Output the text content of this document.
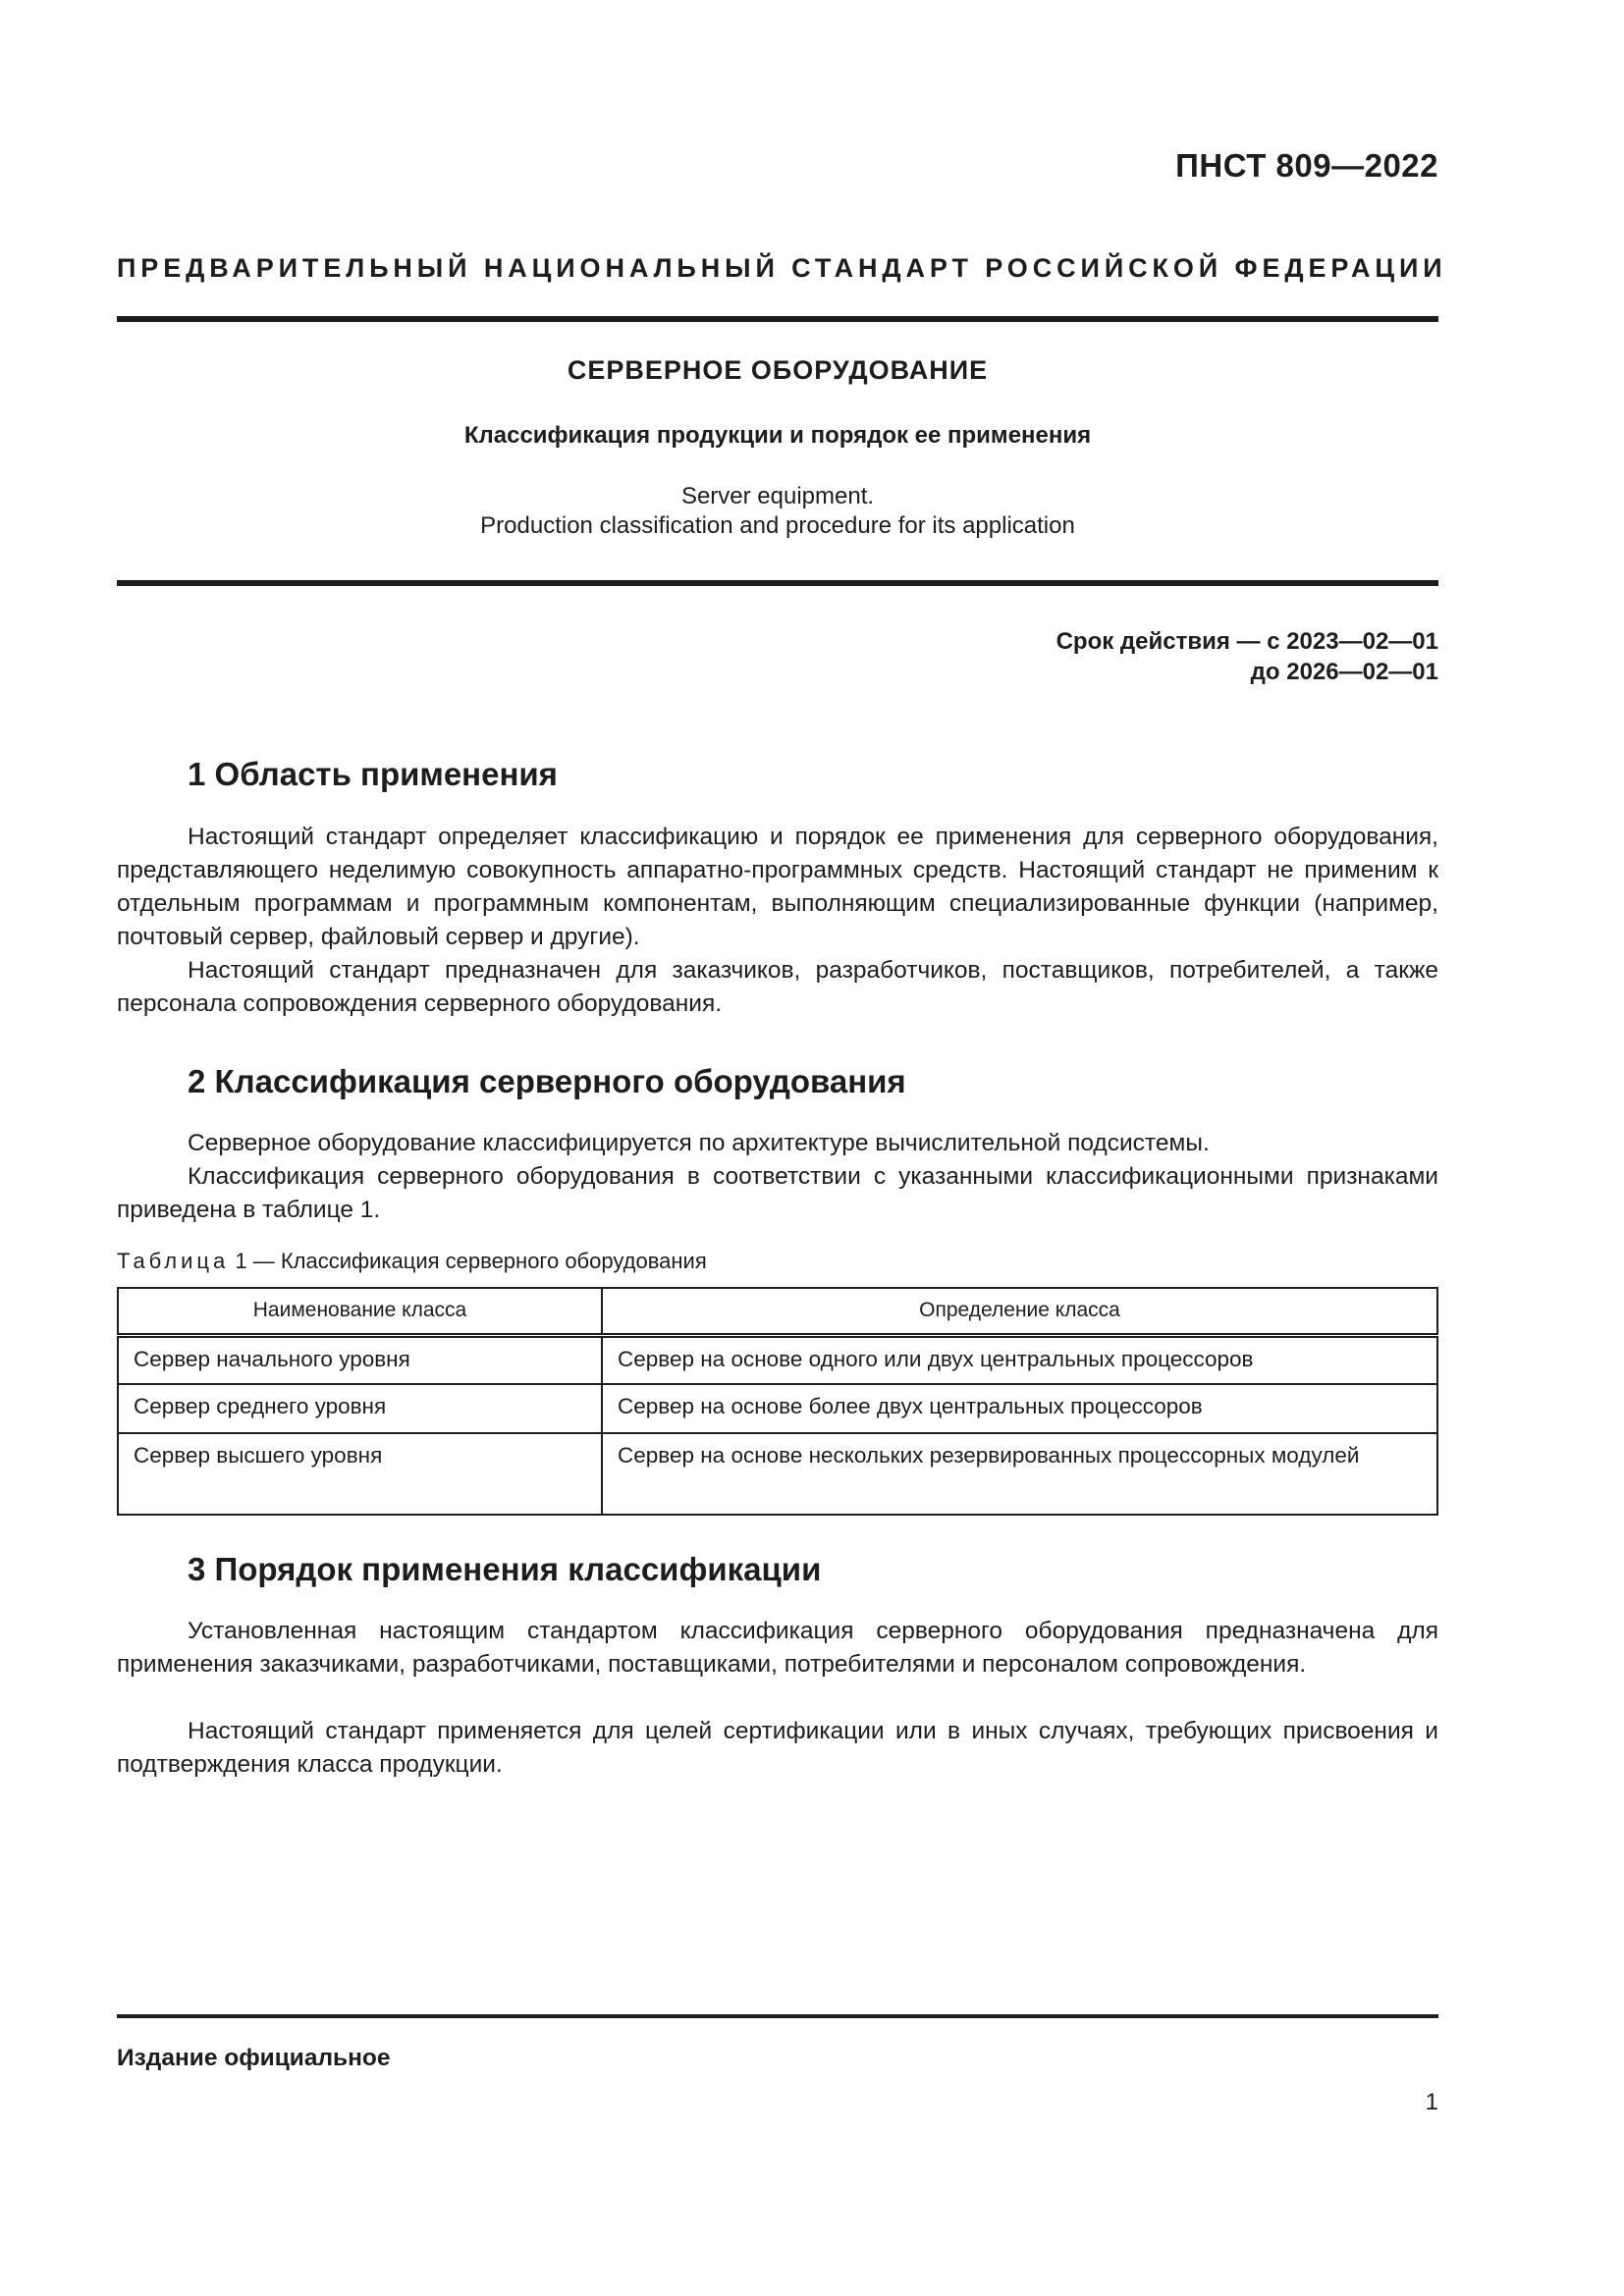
ПНСТ 809—2022
ПРЕДВАРИТЕЛЬНЫЙ НАЦИОНАЛЬНЫЙ СТАНДАРТ РОССИЙСКОЙ ФЕДЕРАЦИИ
СЕРВЕРНОЕ ОБОРУДОВАНИЕ
Классификация продукции и порядок ее применения
Server equipment.
Production classification and procedure for its application
Срок действия — с 2023—02—01
до 2026—02—01
1 Область применения

Настоящий стандарт определяет классификацию и порядок ее применения для серверного оборудования, представляющего неделимую совокупность аппаратно-программных средств. Настоящий стандарт не применим к отдельным программам и программным компонентам, выполняющим специализированные функции (например, почтовый сервер, файловый сервер и другие).

Настоящий стандарт предназначен для заказчиков, разработчиков, поставщиков, потребителей, а также персонала сопровождения серверного оборудования.

2 Классификация серверного оборудования

Серверное оборудование классифицируется по архитектуре вычислительной подсистемы.

Классификация серверного оборудования в соответствии с указанными классификационными признаками приведена в таблице 1.

Таблица 1 — Классификация серверного оборудования
Наименование класса	Определение класса
Сервер начального уровня	Сервер на основе одного или двух центральных процессоров
Сервер среднего уровня	Сервер на основе более двух центральных процессоров
Сервер высшего уровня	Сервер на основе нескольких резервированных процессорных модулей
3 Порядок применения классификации

Установленная настоящим стандартом классификация серверного оборудования предназначена для применения заказчиками, разработчиками, поставщиками, потребителями и персоналом сопровождения.

Настоящий стандарт применяется для целей сертификации или в иных случаях, требующих присвоения и подтверждения класса продукции.

Издание официальное
1
